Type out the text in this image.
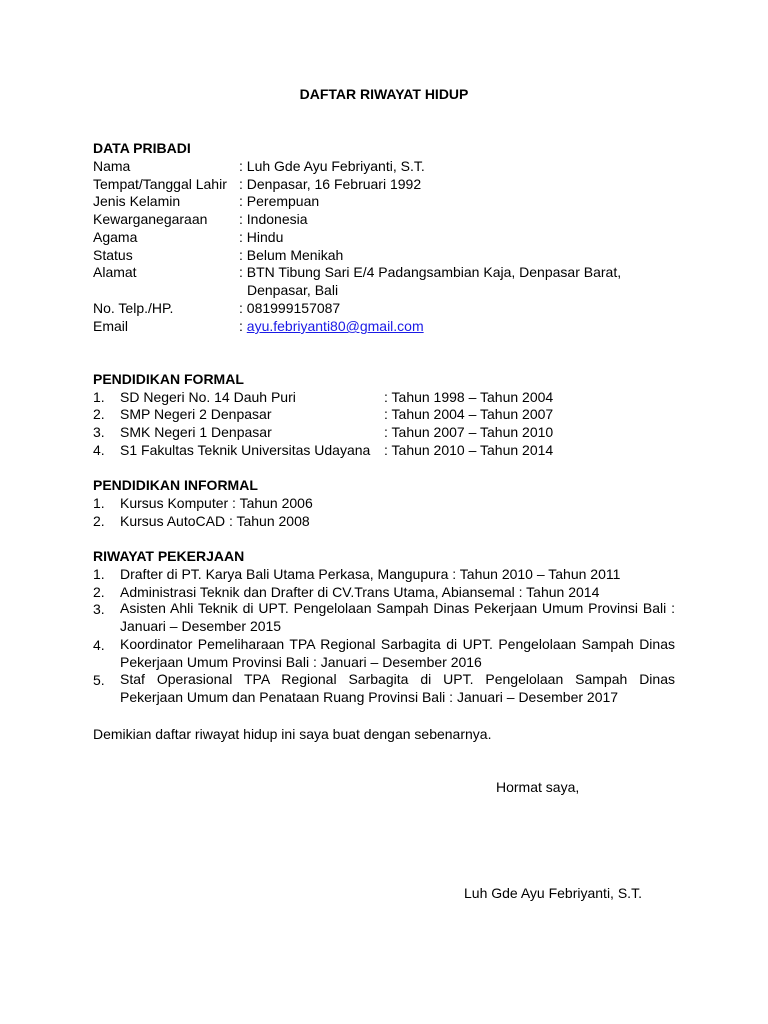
DAFTAR RIWAYAT HIDUP
DATA PRIBADI
Nama	: Luh Gde Ayu Febriyanti, S.T.
Tempat/Tanggal Lahir : Denpasar, 16 Februari 1992
Jenis Kelamin	: Perempuan
Kewarganegaraan : Indonesia
Agama	: Hindu
Status	: Belum Menikah
Alamat	: BTN Tibung Sari E/4 Padangsambian Kaja, Denpasar Barat,
Denpasar, Bali
No. Telp./HP.	: 081999157087
Email	: ayu.febriyanti80@gmail.com
PENDIDIKAN FORMAL
1. SD Negeri No. 14 Dauh Puri	: Tahun 1998 – Tahun 2004
2. SMP Negeri 2 Denpasar	: Tahun 2004 – Tahun 2007
3. SMK Negeri 1 Denpasar	: Tahun 2007 – Tahun 2010
4. S1 Fakultas Teknik Universitas Udayana : Tahun 2010 – Tahun 2014
PENDIDIKAN INFORMAL
1. Kursus Komputer : Tahun 2006
2. Kursus AutoCAD : Tahun 2008
RIWAYAT PEKERJAAN
1. Drafter di PT. Karya Bali Utama Perkasa, Mangupura : Tahun 2010 – Tahun 2011
2. Administrasi Teknik dan Drafter di CV.Trans Utama, Abiansemal : Tahun 2014
3. Asisten Ahli Teknik di UPT. Pengelolaan Sampah Dinas Pekerjaan Umum Provinsi Bali :
Januari – Desember 2015
4. Koordinator Pemeliharaan TPA Regional Sarbagita di UPT. Pengelolaan Sampah Dinas
Pekerjaan Umum Provinsi Bali : Januari – Desember 2016
5. Staf Operasional TPA Regional Sarbagita di UPT. Pengelolaan Sampah Dinas
Pekerjaan Umum dan Penataan Ruang Provinsi Bali : Januari – Desember 2017
Demikian daftar riwayat hidup ini saya buat dengan sebenarnya.
Hormat saya,
Luh Gde Ayu Febriyanti, S.T.
